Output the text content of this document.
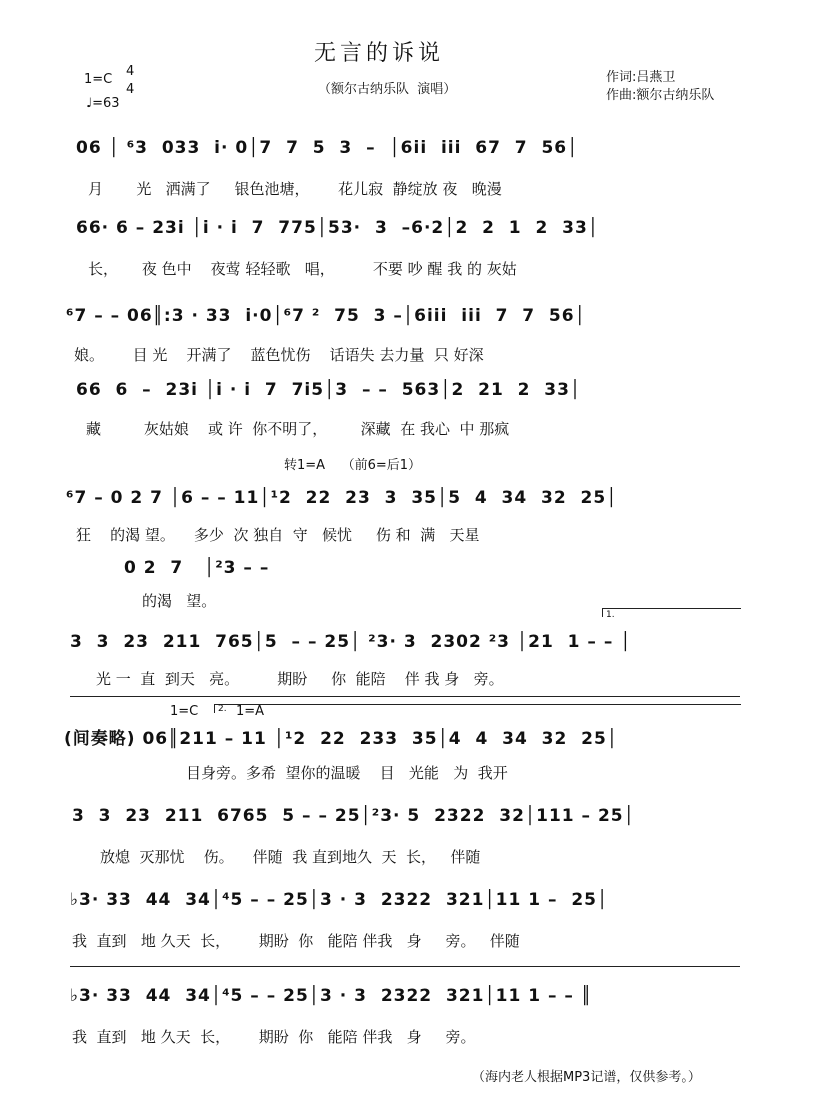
无言的诉说
（额尔古纳乐队  演唱）
1=C
4
4
♩=63
作词:吕燕卫
作曲:额尔古纳乐队
06 │ ⁶3  033  i· 0│7  7  5  3  –  │6ii  iii  67  7  56│
月       光   洒满了     银色池塘，      花儿寂  静绽放 夜   晚漫
66· 6 – 23i │i · i  7  775│53·  3  –6·2│2  2  1  2  33│
长，     夜 色中    夜莺 轻轻歌   唱，        不要 吵 醒 我 的 灰姑
⁶7 – – 06║:3 · 33  i·0│⁶7 ²  75  3 –│6iii  iii  7  7  56│
娘。      目 光    开满了    蓝色忧伤    话语失 去力量  只 好深
66  6  –  23i │i · i  7  7i5│3  – –  563│2  21  2  33│
藏         灰姑娘    或 许  你不明了，       深藏  在 我心  中 那疯
转1=A    （前6=后1）
⁶7 – 0 2 7 │6 – – 11│¹2  22  23  3  35│5  4  34  32  25│
狂    的渴 望。    多少  次 独自  守   候忧     伤 和  满   天星
0 2  7   │²3 – –
的渴   望。
1.
3  3  23  211  765│5  – – 25│ ²3· 3  2302 ²3 │21  1 – – │
光 一  直  到天   亮。        期盼     你  能陪    伴 我 身   旁。
1=C 2. 1=A
(间奏略) 06║211 – 11 │¹2  22  233  35│4  4  34  32  25│
目身旁。多希  望你的温暖    目   光能   为  我开
3  3  23  211  6765  5 – – 25│²3· 5  2322  32│111 – 25│
放熄  灭那忧    伤。    伴随  我 直到地久  天  长，   伴随
♭3· 33  44  34│⁴5 – – 25│3 · 3  2322  321│11 1 –  25│
我  直到   地 久天  长，      期盼  你   能陪 伴我   身     旁。   伴随
♭3· 33  44  34│⁴5 – – 25│3 · 3  2322  321│11 1 – – ║
我  直到   地 久天  长，      期盼  你   能陪 伴我   身     旁。
（海内老人根据MP3记谱，仅供参考。）
